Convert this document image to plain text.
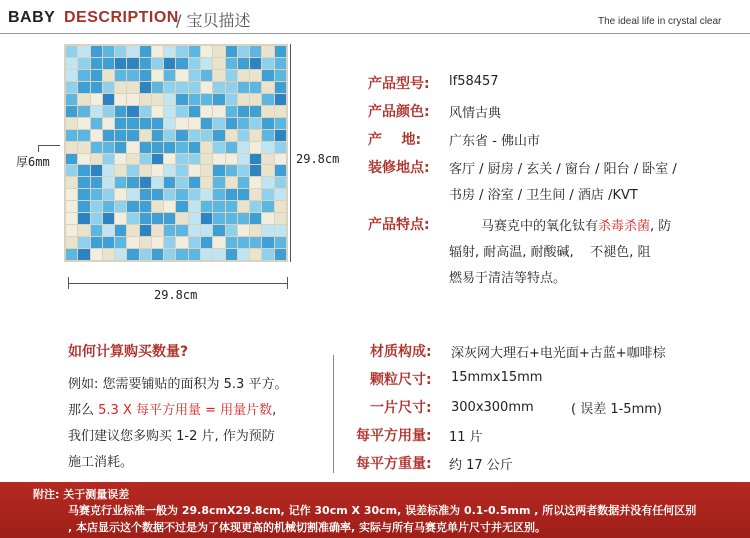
BABY DESCRIPTION
/ 宝贝描述	The ideal life in crystal clear
厚6mm	29.8cm
29.8cm
产品型号: lf58457
产品颜色: 风情古典
产    地: 广东省 - 佛山市
装修地点: 客厅 / 厨房 / 玄关 / 窗台 / 阳台 / 卧室 /
书房 / 浴室 / 卫生间 / 酒店 /KVT
产品特点:	马赛克中的氧化钛有杀毒杀菌, 防
辐射, 耐高温, 耐酸碱,    不褪色, 阻
燃易于清洁等特点。
如何计算购买数量?
例如: 您需要铺贴的面积为 5.3 平方。
那么 5.3 X 每平方用量 = 用量片数,
我们建议您多购买 1-2 片, 作为预防
施工消耗。
材质构成: 深灰网大理石+电光面+古蓝+咖啡棕
颗粒尺寸: 15mmx15mm
一片尺寸: 300x300mm	( 误差 1-5mm)
每平方用量: 11 片
每平方重量: 约 17 公斤
附注: 关于测量误差
马赛克行业标准一般为 29.8cmX29.8cm, 记作 30cm X 30cm, 误差标准为 0.1-0.5mm , 所以这两者数据并没有任何区别
, 本店显示这个数据不过是为了体现更高的机械切割准确率, 实际与所有马赛克单片尺寸并无区别。
